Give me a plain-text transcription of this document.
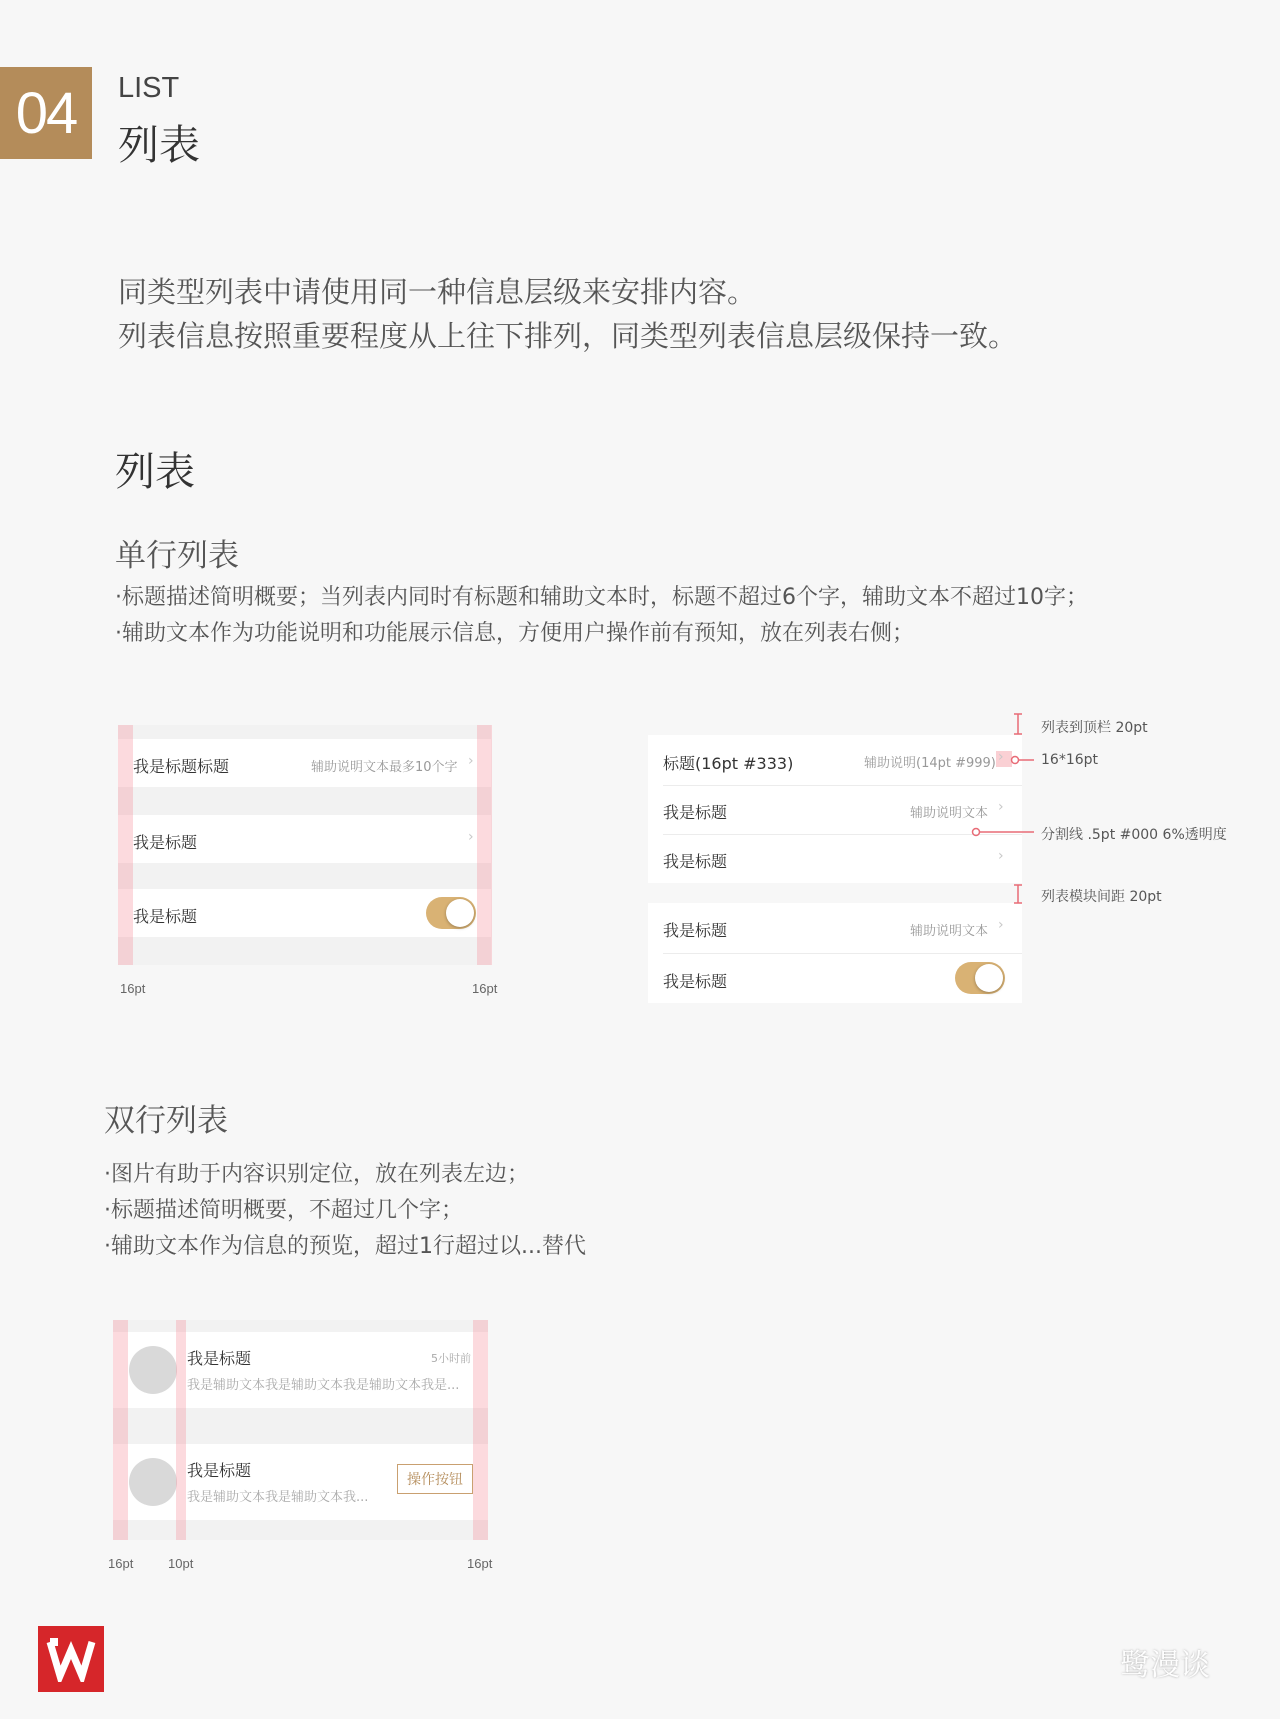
04	LIST
列表
同类型列表中请使用同一种信息层级来安排内容。
列表信息按照重要程度从上往下排列，同类型列表信息层级保持一致。
列表
单行列表
·标题描述简明概要；当列表内同时有标题和辅助文本时，标题不超过6个字，辅助文本不超过10字；
·辅助文本作为功能说明和功能展示信息，方便用户操作前有预知，放在列表右侧；
我是标题标题	辅助说明文本最多10个字 ›
我是标题	›
我是标题
16pt	16pt
标题(16pt #333)	辅助说明(14pt #999) ›
我是标题	辅助说明文本 ›
我是标题	›
我是标题	辅助说明文本 ›
我是标题
列表到顶栏 20pt
16*16pt
分割线 .5pt #000 6%透明度
列表模块间距 20pt
双行列表
·图片有助于内容识别定位，放在列表左边；
·标题描述简明概要，不超过几个字；
·辅助文本作为信息的预览，超过1行超过以...替代
我是标题
我是辅助文本我是辅助文本我是辅助文本我是...
5小时前
我是标题
我是辅助文本我是辅助文本我...
操作按钮
16pt	10pt	16pt
鹭漫谈
